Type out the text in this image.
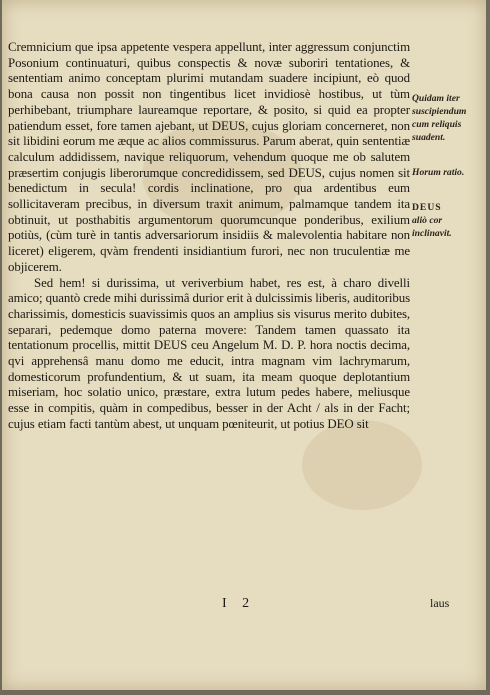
Cremnicium que ipsa appetente vespera appellunt, inter aggressum conjunctim Posonium continuaturi, quibus conspectis & novæ suboriri tentationes, & sententiam animo conceptam plurimi mutandam suadere incipiunt, eò quod bona causa non possit non tingentibus licet invidiosè hostibus, ut tùm perhibebant, triumphare laureamque reportare, & posito, si quid ea propter patiendum esset, fore tamen ajebant, ut DEUS, cujus gloriam concerneret, non sit libidini eorum me æque ac alios commissurus. Parum aberat, quin sententiæ calculum addidissem, navique reliquorum, vehendum quoque me ob salutem præsertim conjugis liberorumque concredidissem, sed DEUS, cujus nomen sit benedictum in secula! cordis inclinatione, pro qua ardentibus eum sollicitaveram precibus, in diversum traxit animum, palmamque tandem ita obtinuit, ut posthabitis argumentorum quorumcunque ponderibus, exilium potiùs, (cùm turè in tantis adversariorum insidiis & malevolentia habitare non liceret) eligerem, qvàm frendenti insidiantium furori, nec non truculentiæ me objicerem.

Sed hem! si durissima, ut veriverbium habet, res est, à charo divelli amico; quantò crede mihi durissimâ durior erit à dulcissimis liberis, auditoribus charissimis, domesticis suavissimis quos an amplius sis visurus merito dubites, separari, pedemque domo paterna movere: Tandem tamen quassato ita tentationum procellis, mittit DEUS ceu Angelum M. D. P. hora noctis decima, qvi apprehensâ manu domo me educit, intra magnam vim lachrymarum, domesticorum profundentium, & ut suam, ita meam quoque deplotantium miseriam, hoc solatio unico, præstare, extra lutum pedes habere, meliusque esse in compitis, quàm in compedibus, besser in der Acht / als in der Facht; cujus etiam facti tantùm abest, ut unquam pœniteurit, ut potius DEO sit

Quidam iter suscipiendum cum reliquis suadent.
Horum ratio.
DEUS
aliò cor inclinavit.
I 2	laus
